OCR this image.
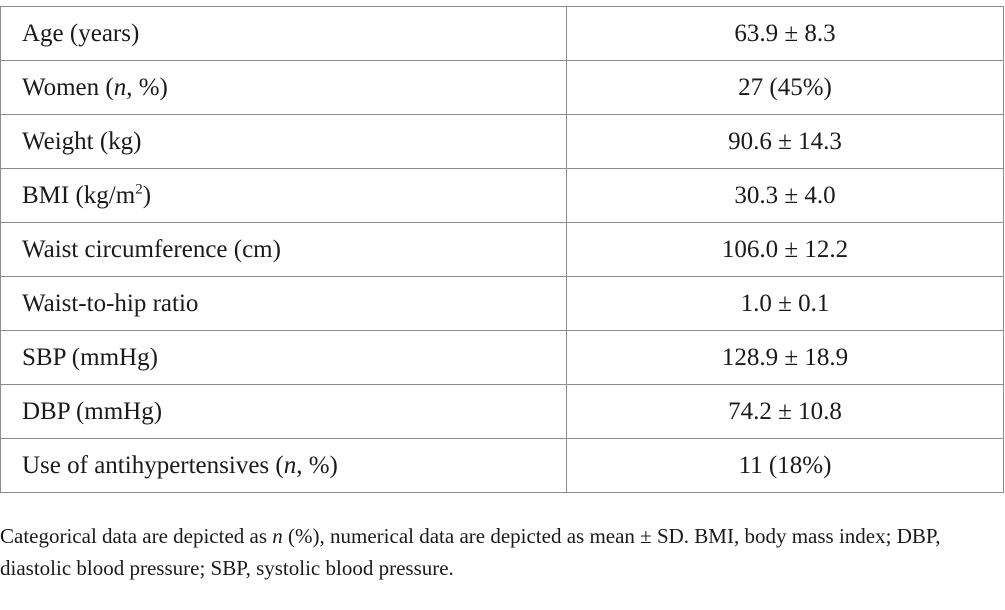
Age (years)	63.9 ± 8.3
Women (n, %)	27 (45%)
Weight (kg)	90.6 ± 14.3
BMI $(kg/m^2)$	30.3 ± 4.0
Waist circumference (cm)	106.0 ± 12.2
Waist-to-hip ratio	1.0 ± 0.1
SBP (mmHg)	128.9 ± 18.9
DBP (mmHg)	74.2 ± 10.8
Use of antihypertensives (n, %)	11 (18%)

Categorical data are depicted as n (%), numerical data are depicted as mean ± SD. BMI, body mass index; DBP, diastolic blood pressure; SBP, systolic blood pressure.
